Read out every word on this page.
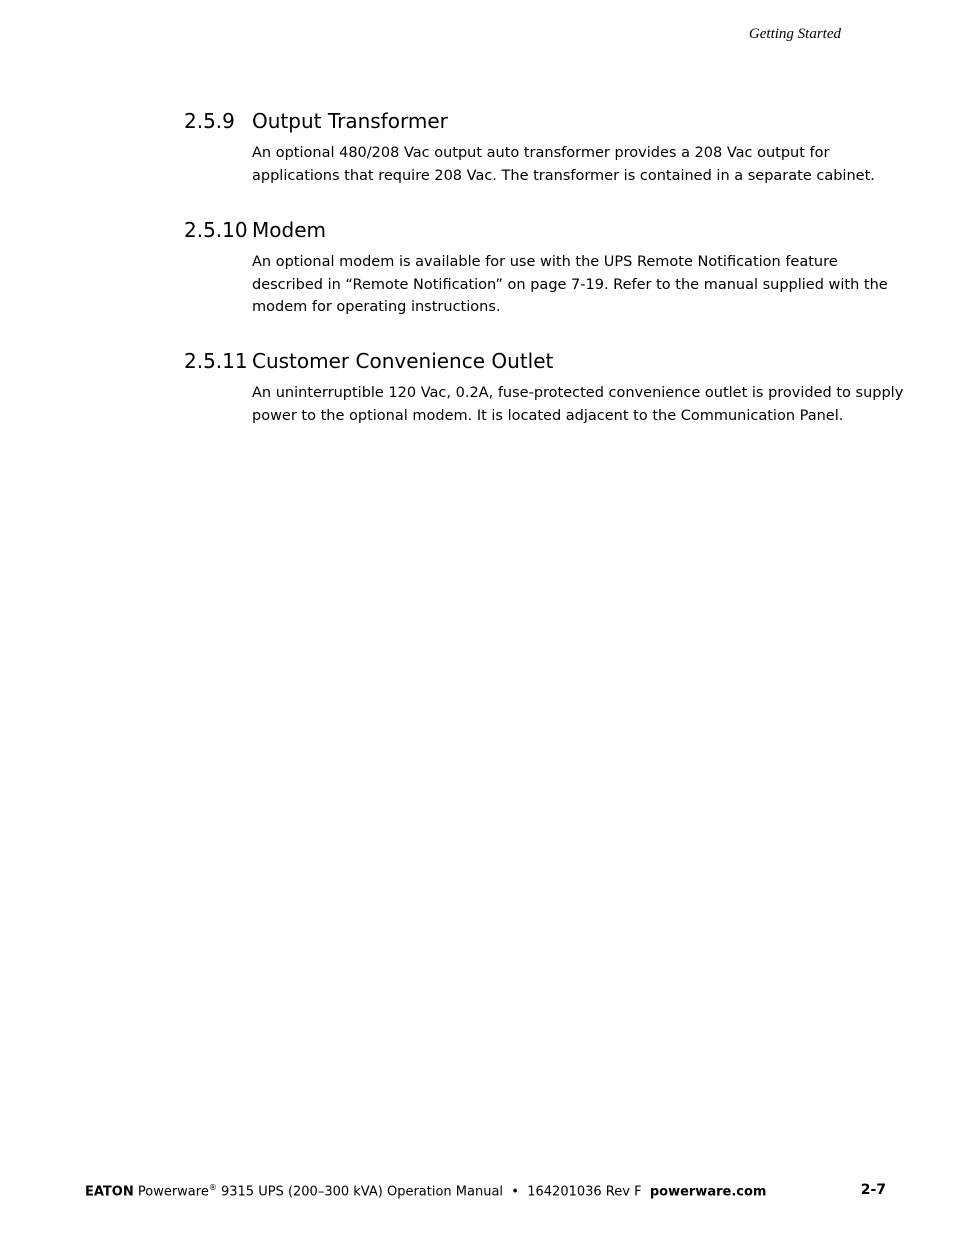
Getting Started
2.5.9 Output Transformer
An optional 480/208 Vac output auto transformer provides a 208 Vac output for
applications that require 208 Vac. The transformer is contained in a separate cabinet.
2.5.10 Modem
An optional modem is available for use with the UPS Remote Notification feature
described in “Remote Notification” on page 7-19. Refer to the manual supplied with the
modem for operating instructions.
2.5.11 Customer Convenience Outlet
An uninterruptible 120 Vac, 0.2A, fuse-protected convenience outlet is provided to supply
power to the optional modem. It is located adjacent to the Communication Panel.
EATON Powerware® 9315 UPS (200–300 kVA) Operation Manual • 164201036 Rev F powerware.com	2-7
